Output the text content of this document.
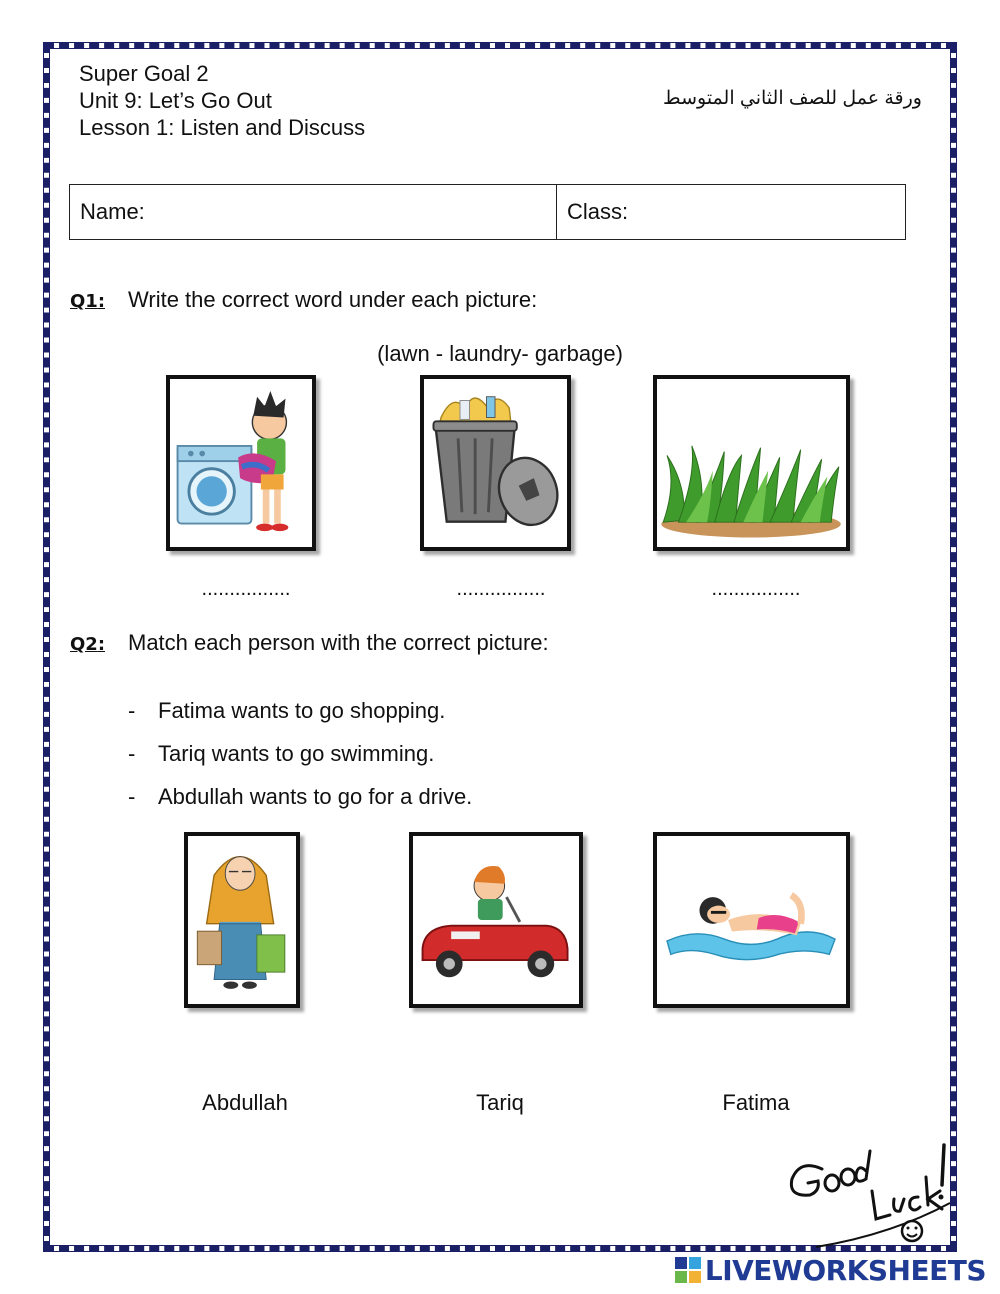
Super Goal 2
Unit 9: Let’s Go Out
Lesson 1: Listen and Discuss
ورقة عمل للصف الثاني المتوسط
Name:	Class:
Q1: Write the correct word under each picture:
(lawn - laundry- garbage)
................	................	................
Q2: Match each person with the correct picture:
- Fatima wants to go shopping.
- Tariq wants to go swimming.
- Abdullah wants to go for a drive.
Abdullah	Tariq	Fatima
LIVEWORKSHEETS
